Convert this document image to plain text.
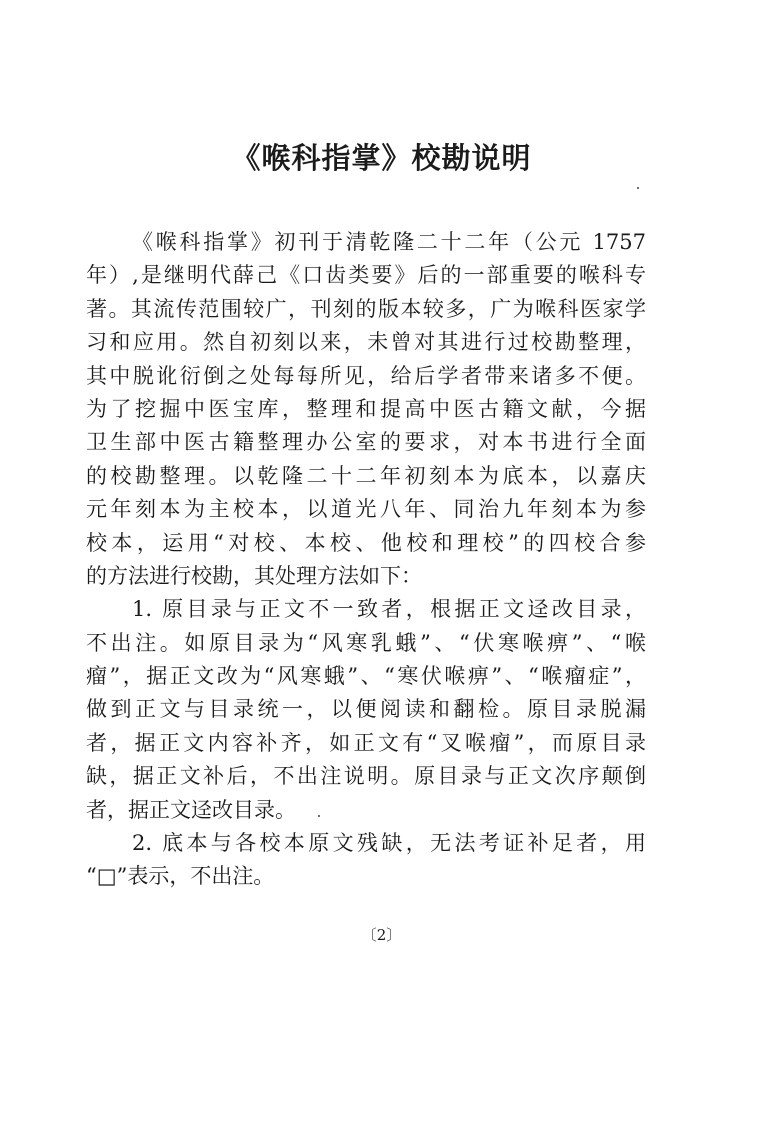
《喉科指掌》校勘说明
《喉科指掌》初刊于清乾隆二十二年（公元 1757
年）,是继明代薛己《口齿类要》后的一部重要的喉科专
著。其流传范围较广，刊刻的版本较多，广为喉科医家学
习和应用。然自初刻以来，未曾对其进行过校勘整理，
其中脱讹衍倒之处每每所见，给后学者带来诸多不便。
为了挖掘中医宝库，整理和提高中医古籍文献，今据
卫生部中医古籍整理办公室的要求，对本书进行全面
的校勘整理。以乾隆二十二年初刻本为底本，以嘉庆
元年刻本为主校本，以道光八年、同治九年刻本为参
校本，运用“对校、本校、他校和理校”的四校合参
的方法进行校勘，其处理方法如下：
1. 原目录与正文不一致者，根据正文迳改目录，
不出注。如原目录为“风寒乳蛾”、“伏寒喉痹”、“喉
瘤”，据正文改为“风寒蛾”、“寒伏喉痹”、“喉瘤症”，
做到正文与目录统一，以便阅读和翻检。原目录脱漏
者，据正文内容补齐，如正文有“叉喉瘤”，而原目录
缺，据正文补后，不出注说明。原目录与正文次序颠倒
者，据正文迳改目录。
2. 底本与各校本原文残缺，无法考证补足者，用
“□”表示，不出注。
〔2〕
